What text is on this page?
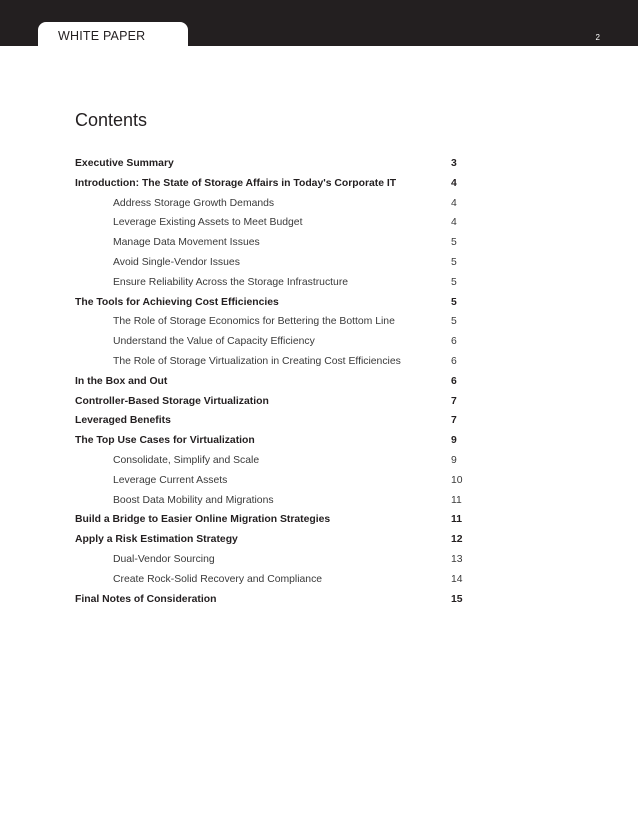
WHITE PAPER	2
Contents
Executive Summary	3
Introduction: The State of Storage Affairs in Today's Corporate IT	4
Address Storage Growth Demands	4
Leverage Existing Assets to Meet Budget	4
Manage Data Movement Issues	5
Avoid Single-Vendor Issues	5
Ensure Reliability Across the Storage Infrastructure	5
The Tools for Achieving Cost Efficiencies	5
The Role of Storage Economics for Bettering the Bottom Line	5
Understand the Value of Capacity Efficiency	6
The Role of Storage Virtualization in Creating Cost Efficiencies	6
In the Box and Out	6
Controller-Based Storage Virtualization	7
Leveraged Benefits	7
The Top Use Cases for Virtualization	9
Consolidate, Simplify and Scale	9
Leverage Current Assets	10
Boost Data Mobility and Migrations	11
Build a Bridge to Easier Online Migration Strategies	11
Apply a Risk Estimation Strategy	12
Dual-Vendor Sourcing	13
Create Rock-Solid Recovery and Compliance	14
Final Notes of Consideration	15
